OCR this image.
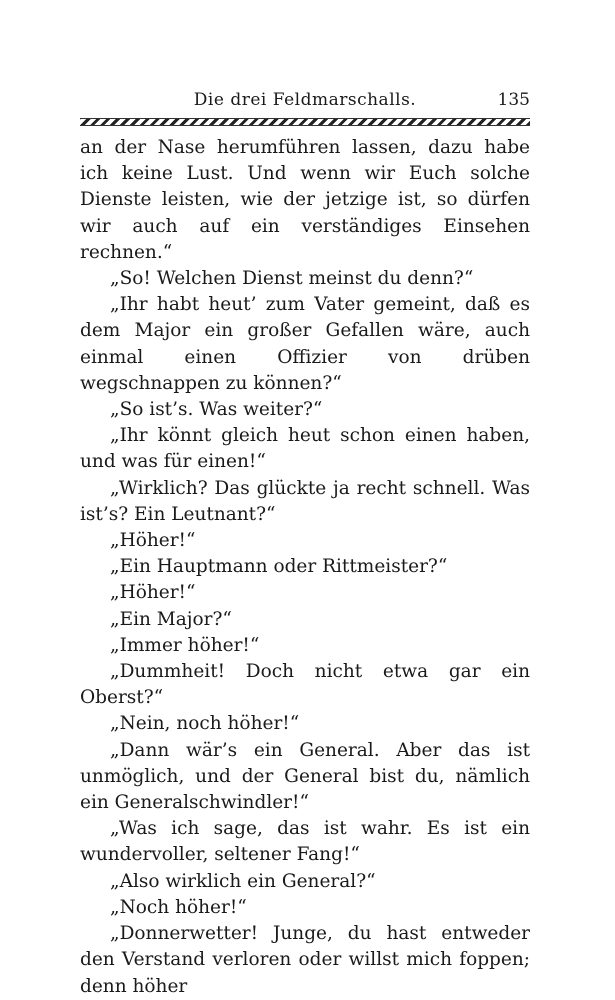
Die drei Feldmarschalls.	135

an der Nase herumführen lassen, dazu habe ich keine Lust. Und wenn wir Euch solche Dienste leisten, wie der jetzige ist, so dürfen wir auch auf ein verständiges Einsehen rechnen.“

„So! Welchen Dienst meinst du denn?“

„Ihr habt heut’ zum Vater gemeint, daß es dem Major ein großer Gefallen wäre, auch einmal einen Offizier von drüben wegschnappen zu können?“

„So ist’s. Was weiter?“

„Ihr könnt gleich heut schon einen haben, und was für einen!“

„Wirklich? Das glückte ja recht schnell. Was ist’s? Ein Leutnant?“

„Höher!“

„Ein Hauptmann oder Rittmeister?“

„Höher!“

„Ein Major?“

„Immer höher!“

„Dummheit! Doch nicht etwa gar ein Oberst?“

„Nein, noch höher!“

„Dann wär’s ein General. Aber das ist unmöglich, und der General bist du, nämlich ein Generalschwindler!“

„Was ich sage, das ist wahr. Es ist ein wundervoller, seltener Fang!“

„Also wirklich ein General?“

„Noch höher!“

„Donnerwetter! Junge, du hast entweder den Verstand verloren oder willst mich foppen; denn höher
